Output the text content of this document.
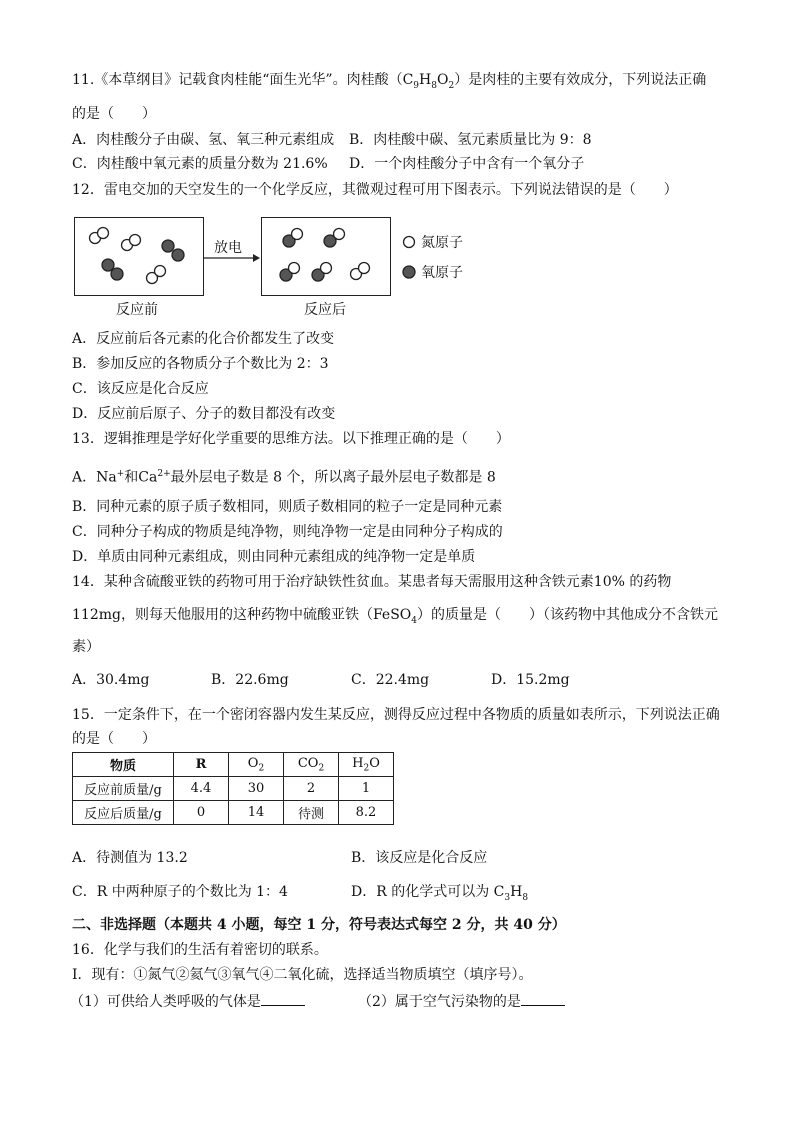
11.《本草纲目》记载食肉桂能“面生光华”。肉桂酸$(C_9H_8O_2)$是肉桂的主要有效成分，下列说法正确
的是（　　）
A．肉桂酸分子由碳、氢、氧三种元素组成 B．肉桂酸中碳、氢元素质量比为 9：8
C．肉桂酸中氧元素的质量分数为 21.6% D．一个肉桂酸分子中含有一个氧分子
12．雷电交加的天空发生的一个化学反应，其微观过程可用下图表示。下列说法错误的是（　　）
放电
反应前	反应后
氮原子
氧原子
A．反应前后各元素的化合价都发生了改变
B．参加反应的各物质分子个数比为 2：3
C．该反应是化合反应
D．反应前后原子、分子的数目都没有改变
13．逻辑推理是学好化学重要的思维方法。以下推理正确的是（　　）
A．Na+和$Ca^{2+}$最外层电子数是 8 个，所以离子最外层电子数都是 8
B．同种元素的原子质子数相同，则质子数相同的粒子一定是同种元素
C．同种分子构成的物质是纯净物，则纯净物一定是由同种分子构成的
D．单质由同种元素组成，则由同种元素组成的纯净物一定是单质
14．某种含硫酸亚铁的药物可用于治疗缺铁性贫血。某患者每天需服用这种含铁元素10% 的药物
112mg，则每天他服用的这种药物中硫酸亚铁（FeSO$_4$）的质量是（　　）（该药物中其他成分不含铁元
素）
A．30.4mg	B．22.6mg	C．22.4mg	D．15.2mg
15．一定条件下，在一个密闭容器内发生某反应，测得反应过程中各物质的质量如表所示，下列说法正确
的是（　　）
物质	R	$O_2$	$CO_2$	$H_2O$
反应前质量/g	4.4	30	2	1
反应后质量/g	0	14	待测	8.2
A．待测值为 13.2	B．该反应是化合反应
C．R 中两种原子的个数比为 1：4	D．R 的化学式可以为 $C_3H_8$
二、非选择题（本题共 4 小题，每空 1 分，符号表达式每空 2 分，共 40 分）
16．化学与我们的生活有着密切的联系。
I．现有：①氮气②氦气③氧气④二氧化硫，选择适当物质填空（填序号）。
（1）可供给人类呼吸的气体是	（2）属于空气污染物的是
